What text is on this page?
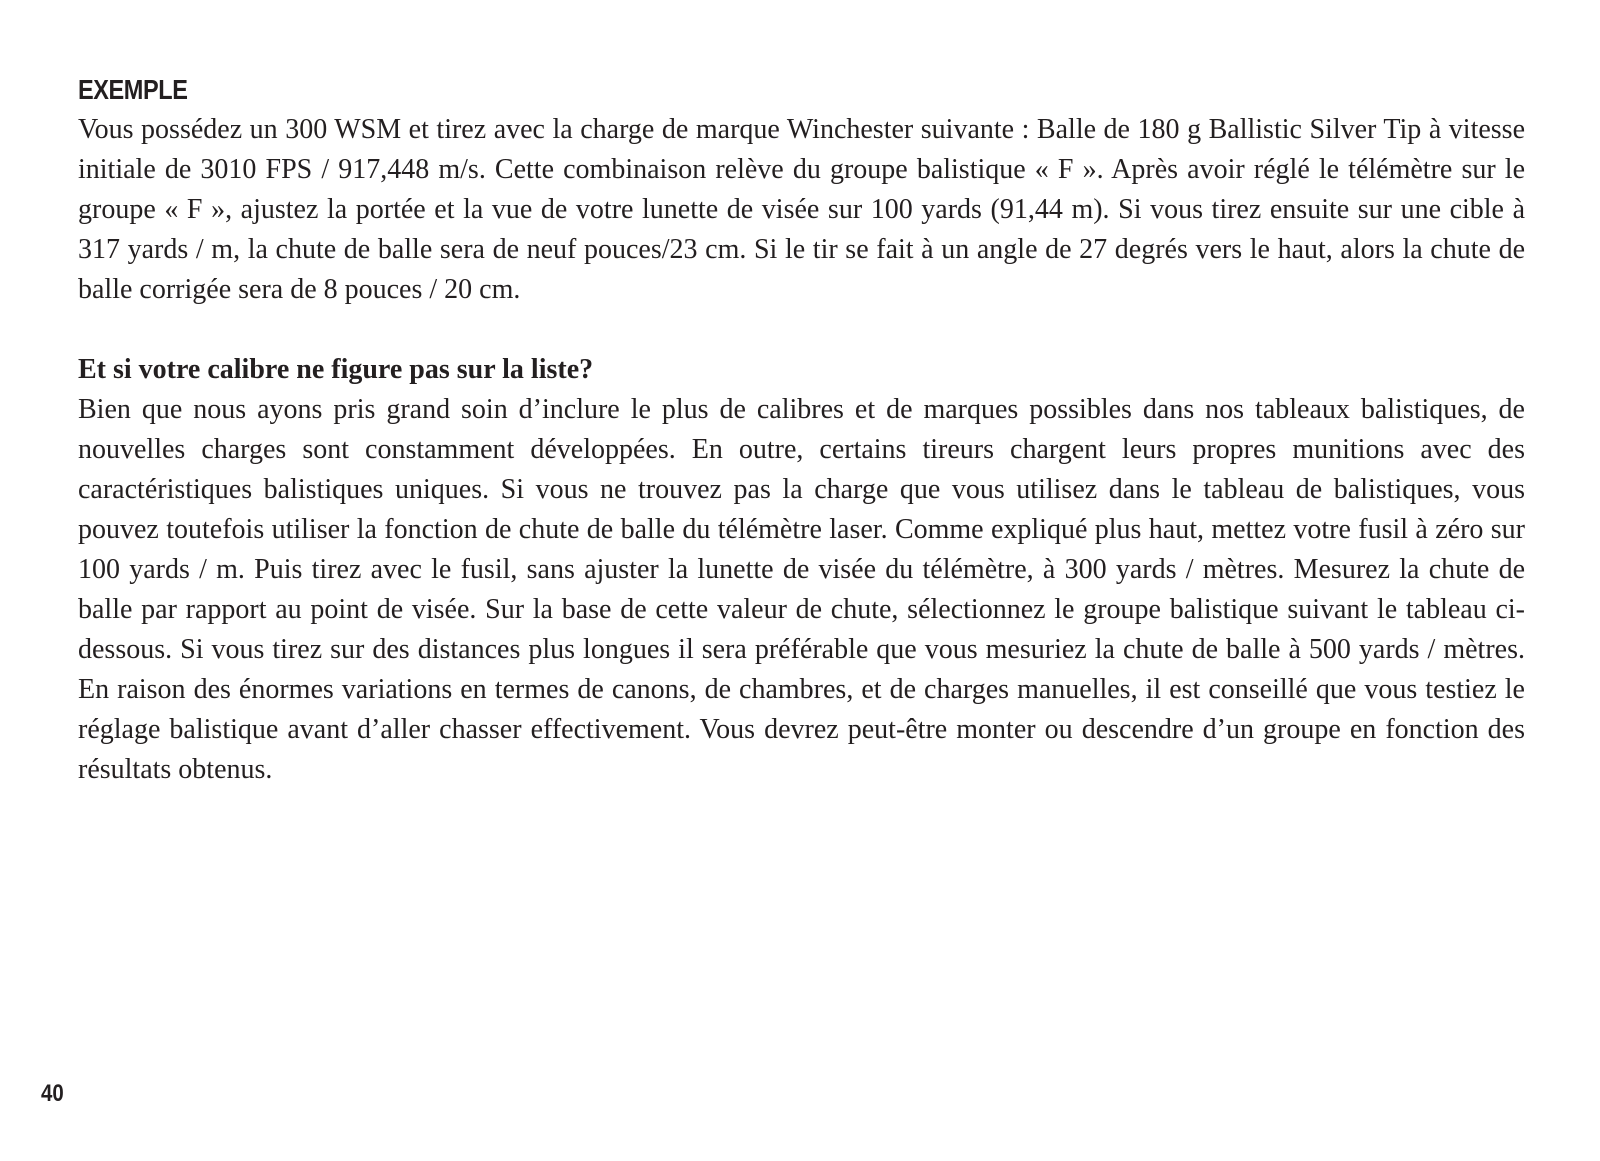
EXEMPLE

Vous possédez un 300 WSM et tirez avec la charge de marque Winchester suivante : Balle de 180 g Ballistic Silver Tip à vitesse initiale de 3010 FPS / 917,448 m/s. Cette combinaison relève du groupe balistique « F ». Après avoir réglé le télémètre sur le groupe « F », ajustez la portée et la vue de votre lunette de visée sur 100 yards (91,44 m). Si vous tirez ensuite sur une cible à 317 yards / m, la chute de balle sera de neuf pouces/23 cm. Si le tir se fait à un angle de 27 degrés vers le haut, alors la chute de balle corrigée sera de 8 pouces / 20 cm.

Et si votre calibre ne figure pas sur la liste?

Bien que nous ayons pris grand soin d’inclure le plus de calibres et de marques possibles dans nos tableaux balistiques, de nouvelles charges sont constamment développées. En outre, certains tireurs chargent leurs propres munitions avec des caractéristiques balistiques uniques. Si vous ne trouvez pas la charge que vous utilisez dans le tableau de balistiques, vous pouvez toutefois utiliser la fonction de chute de balle du télémètre laser. Comme expliqué plus haut, mettez votre fusil à zéro sur 100 yards / m. Puis tirez avec le fusil, sans ajuster la lunette de visée du télémètre, à 300 yards / mètres. Mesurez la chute de balle par rapport au point de visée. Sur la base de cette valeur de chute, sélectionnez le groupe balistique suivant le tableau ci-dessous. Si vous tirez sur des distances plus longues il sera préférable que vous mesuriez la chute de balle à 500 yards / mètres. En raison des énormes variations en termes de canons, de chambres, et de charges manuelles, il est conseillé que vous testiez le réglage balistique avant d’aller chasser effectivement. Vous devrez peut-être monter ou descendre d’un groupe en fonction des résultats obtenus.

40
